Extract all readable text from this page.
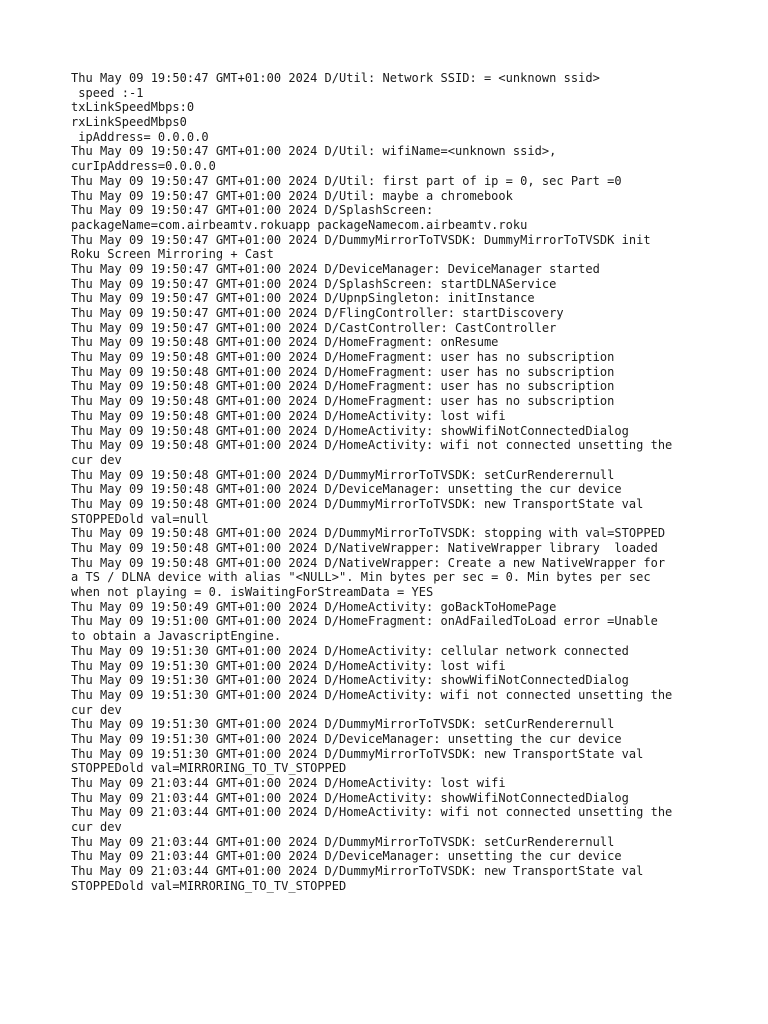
Thu May 09 19:50:47 GMT+01:00 2024 D/Util: Network SSID: = <unknown ssid>
speed :-1
txLinkSpeedMbps:0
rxLinkSpeedMbps0
ipAddress= 0.0.0.0
Thu May 09 19:50:47 GMT+01:00 2024 D/Util: wifiName=<unknown ssid>,
curIpAddress=0.0.0.0
Thu May 09 19:50:47 GMT+01:00 2024 D/Util: first part of ip = 0, sec Part =0
Thu May 09 19:50:47 GMT+01:00 2024 D/Util: maybe a chromebook
Thu May 09 19:50:47 GMT+01:00 2024 D/SplashScreen:
packageName=com.airbeamtv.rokuapp packageNamecom.airbeamtv.roku
Thu May 09 19:50:47 GMT+01:00 2024 D/DummyMirrorToTVSDK: DummyMirrorToTVSDK init
Roku Screen Mirroring + Cast
Thu May 09 19:50:47 GMT+01:00 2024 D/DeviceManager: DeviceManager started
Thu May 09 19:50:47 GMT+01:00 2024 D/SplashScreen: startDLNAService
Thu May 09 19:50:47 GMT+01:00 2024 D/UpnpSingleton: initInstance
Thu May 09 19:50:47 GMT+01:00 2024 D/FlingController: startDiscovery
Thu May 09 19:50:47 GMT+01:00 2024 D/CastController: CastController
Thu May 09 19:50:48 GMT+01:00 2024 D/HomeFragment: onResume
Thu May 09 19:50:48 GMT+01:00 2024 D/HomeFragment: user has no subscription
Thu May 09 19:50:48 GMT+01:00 2024 D/HomeFragment: user has no subscription
Thu May 09 19:50:48 GMT+01:00 2024 D/HomeFragment: user has no subscription
Thu May 09 19:50:48 GMT+01:00 2024 D/HomeFragment: user has no subscription
Thu May 09 19:50:48 GMT+01:00 2024 D/HomeActivity: lost wifi
Thu May 09 19:50:48 GMT+01:00 2024 D/HomeActivity: showWifiNotConnectedDialog
Thu May 09 19:50:48 GMT+01:00 2024 D/HomeActivity: wifi not connected unsetting the
cur dev
Thu May 09 19:50:48 GMT+01:00 2024 D/DummyMirrorToTVSDK: setCurRenderernull
Thu May 09 19:50:48 GMT+01:00 2024 D/DeviceManager: unsetting the cur device
Thu May 09 19:50:48 GMT+01:00 2024 D/DummyMirrorToTVSDK: new TransportState val
STOPPEDold val=null
Thu May 09 19:50:48 GMT+01:00 2024 D/DummyMirrorToTVSDK: stopping with val=STOPPED
Thu May 09 19:50:48 GMT+01:00 2024 D/NativeWrapper: NativeWrapper library  loaded
Thu May 09 19:50:48 GMT+01:00 2024 D/NativeWrapper: Create a new NativeWrapper for
a TS / DLNA device with alias "<NULL>". Min bytes per sec = 0. Min bytes per sec
when not playing = 0. isWaitingForStreamData = YES
Thu May 09 19:50:49 GMT+01:00 2024 D/HomeActivity: goBackToHomePage
Thu May 09 19:51:00 GMT+01:00 2024 D/HomeFragment: onAdFailedToLoad error =Unable
to obtain a JavascriptEngine.
Thu May 09 19:51:30 GMT+01:00 2024 D/HomeActivity: cellular network connected
Thu May 09 19:51:30 GMT+01:00 2024 D/HomeActivity: lost wifi
Thu May 09 19:51:30 GMT+01:00 2024 D/HomeActivity: showWifiNotConnectedDialog
Thu May 09 19:51:30 GMT+01:00 2024 D/HomeActivity: wifi not connected unsetting the
cur dev
Thu May 09 19:51:30 GMT+01:00 2024 D/DummyMirrorToTVSDK: setCurRenderernull
Thu May 09 19:51:30 GMT+01:00 2024 D/DeviceManager: unsetting the cur device
Thu May 09 19:51:30 GMT+01:00 2024 D/DummyMirrorToTVSDK: new TransportState val
STOPPEDold val=MIRRORING_TO_TV_STOPPED
Thu May 09 21:03:44 GMT+01:00 2024 D/HomeActivity: lost wifi
Thu May 09 21:03:44 GMT+01:00 2024 D/HomeActivity: showWifiNotConnectedDialog
Thu May 09 21:03:44 GMT+01:00 2024 D/HomeActivity: wifi not connected unsetting the
cur dev
Thu May 09 21:03:44 GMT+01:00 2024 D/DummyMirrorToTVSDK: setCurRenderernull
Thu May 09 21:03:44 GMT+01:00 2024 D/DeviceManager: unsetting the cur device
Thu May 09 21:03:44 GMT+01:00 2024 D/DummyMirrorToTVSDK: new TransportState val
STOPPEDold val=MIRRORING_TO_TV_STOPPED
